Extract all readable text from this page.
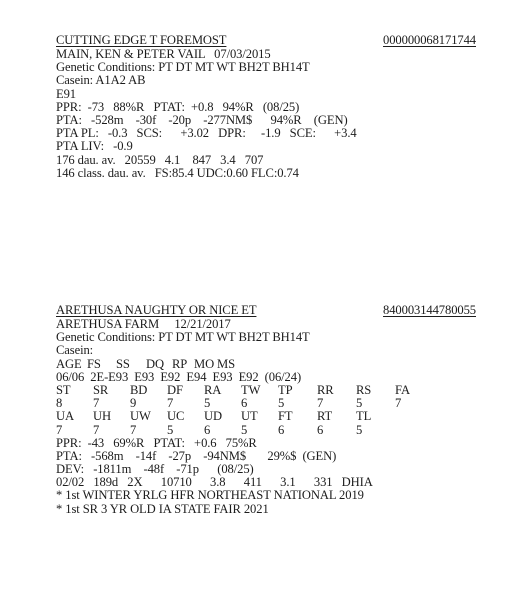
CUTTING EDGE T FOREMOST	000000068171744
MAIN, KEN & PETER VAIL   07/03/2015
Genetic Conditions: PT DT MT WT BH2T BH14T
Casein: A1A2 AB
E91
PPR:  -73   88%R   PTAT:  +0.8   94%R   (08/25)
PTA:   -528m    -30f    -20p    -277NM$      94%R    (GEN)
PTA PL:   -0.3   SCS:      +3.02   DPR:     -1.9   SCE:      +3.4
PTA LIV:   -0.9
176 dau. av.   20559   4.1    847   3.4   707
146 class. dau. av.   FS:85.4 UDC:0.60 FLC:0.74
ARETHUSA NAUGHTY OR NICE ET	840003144780055
ARETHUSA FARM     12/21/2017
Genetic Conditions: PT DT MT WT BH2T BH14T
Casein:
AGE FS	SS	DQ RP MO MS
06/06  2E-E93  E93  E92  E94  E93  E92  (06/24)
ST	SR	BD	DF	RA	TW	TP	RR	RS	FA
8	7	9	7	5	6	5	7	5	7
UA	UH	UW	UC	UD	UT	FT	RT	TL
7	7	7	5	6	5	6	6	5
PPR:  -43   69%R   PTAT:   +0.6   75%R
PTA:   -568m    -14f    -27p    -94NM$       29%$  (GEN)
DEV:   -1811m    -48f    -71p      (08/25)
02/02   189d   2X      10710      3.8      411      3.1      331   DHIA
* 1st WINTER YRLG HFR NORTHEAST NATIONAL 2019
* 1st SR 3 YR OLD IA STATE FAIR 2021
